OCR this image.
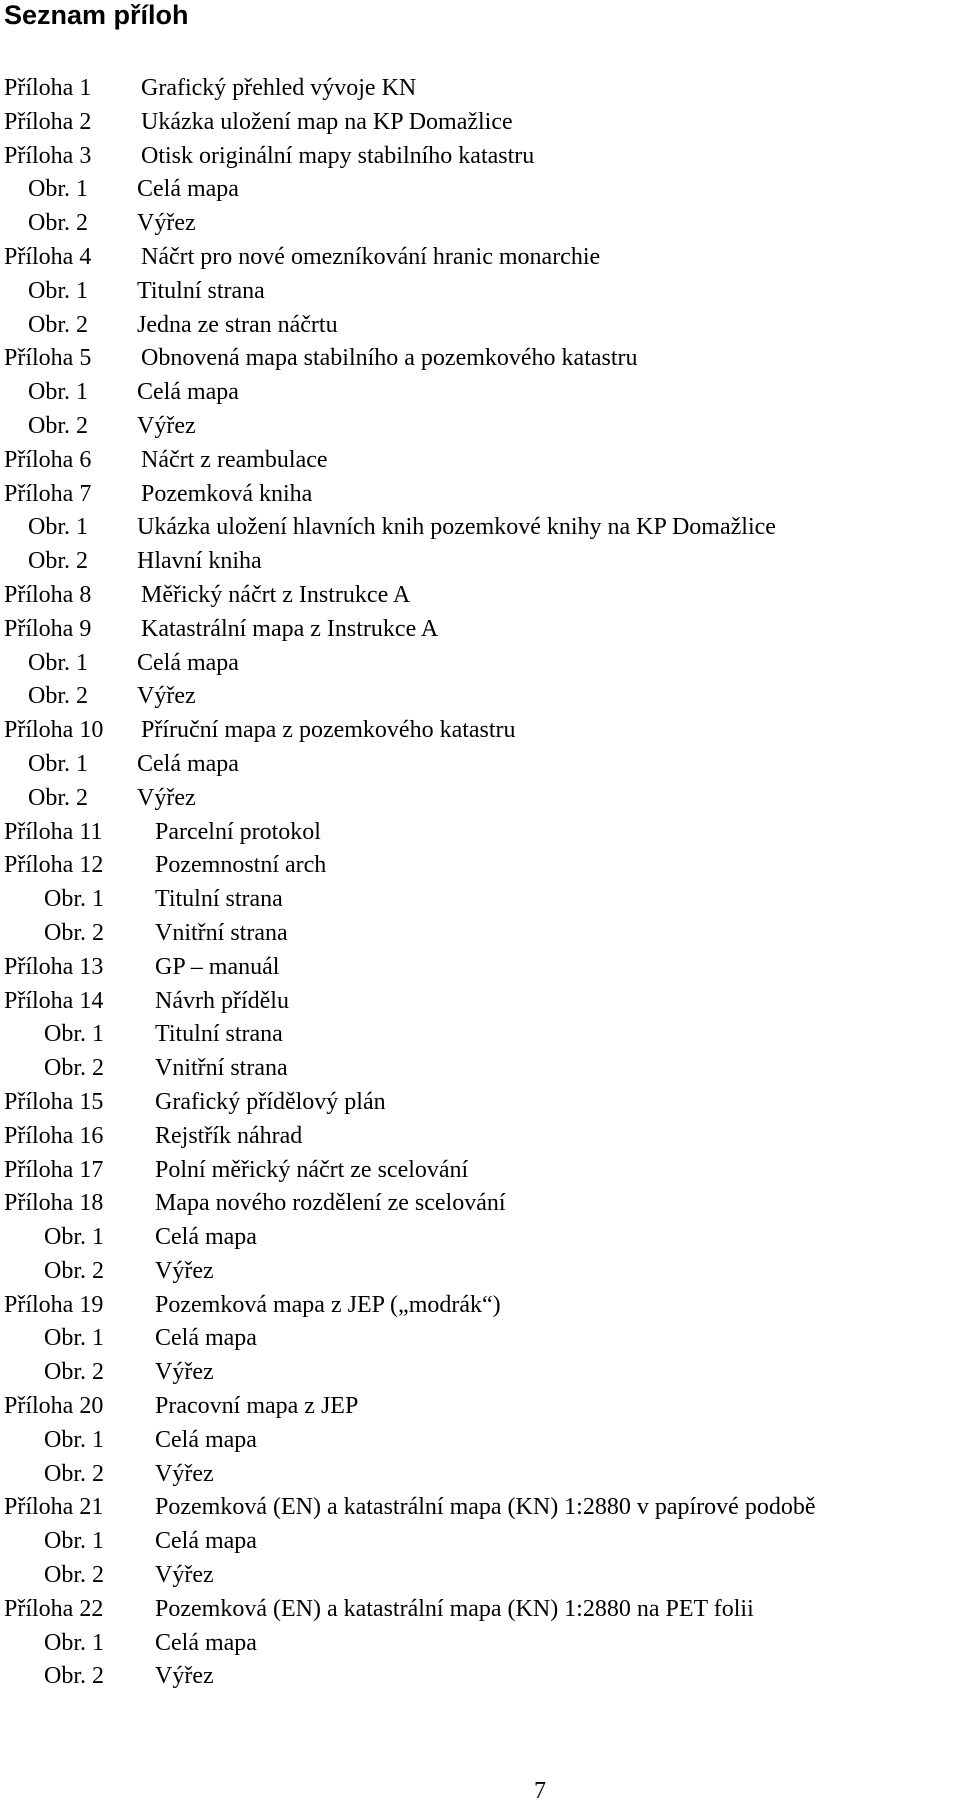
Seznam příloh
Příloha 1 Grafický přehled vývoje KN
Příloha 2 Ukázka uložení map na KP Domažlice
Příloha 3 Otisk originální mapy stabilního katastru
Obr. 1 Celá mapa
Obr. 2 Výřez
Příloha 4 Náčrt pro nové omezníkování hranic monarchie
Obr. 1 Titulní strana
Obr. 2 Jedna ze stran náčrtu
Příloha 5 Obnovená mapa stabilního a pozemkového katastru
Obr. 1 Celá mapa
Obr. 2 Výřez
Příloha 6 Náčrt z reambulace
Příloha 7 Pozemková kniha
Obr. 1 Ukázka uložení hlavních knih pozemkové knihy na KP Domažlice
Obr. 2 Hlavní kniha
Příloha 8 Měřický náčrt z Instrukce A
Příloha 9 Katastrální mapa z Instrukce A
Obr. 1 Celá mapa
Obr. 2 Výřez
Příloha 10 Příruční mapa z pozemkového katastru
Obr. 1 Celá mapa
Obr. 2 Výřez
Příloha 11 Parcelní protokol
Příloha 12 Pozemnostní arch
Obr. 1 Titulní strana
Obr. 2 Vnitřní strana
Příloha 13 GP – manuál
Příloha 14 Návrh přídělu
Obr. 1 Titulní strana
Obr. 2 Vnitřní strana
Příloha 15 Grafický přídělový plán
Příloha 16 Rejstřík náhrad
Příloha 17 Polní měřický náčrt ze scelování
Příloha 18 Mapa nového rozdělení ze scelování
Obr. 1 Celá mapa
Obr. 2 Výřez
Příloha 19 Pozemková mapa z JEP („modrák“)
Obr. 1 Celá mapa
Obr. 2 Výřez
Příloha 20 Pracovní mapa z JEP
Obr. 1 Celá mapa
Obr. 2 Výřez
Příloha 21 Pozemková (EN) a katastrální mapa (KN) 1:2880 v papírové podobě
Obr. 1 Celá mapa
Obr. 2 Výřez
Příloha 22 Pozemková (EN) a katastrální mapa (KN) 1:2880 na PET folii
Obr. 1 Celá mapa
Obr. 2 Výřez
7
